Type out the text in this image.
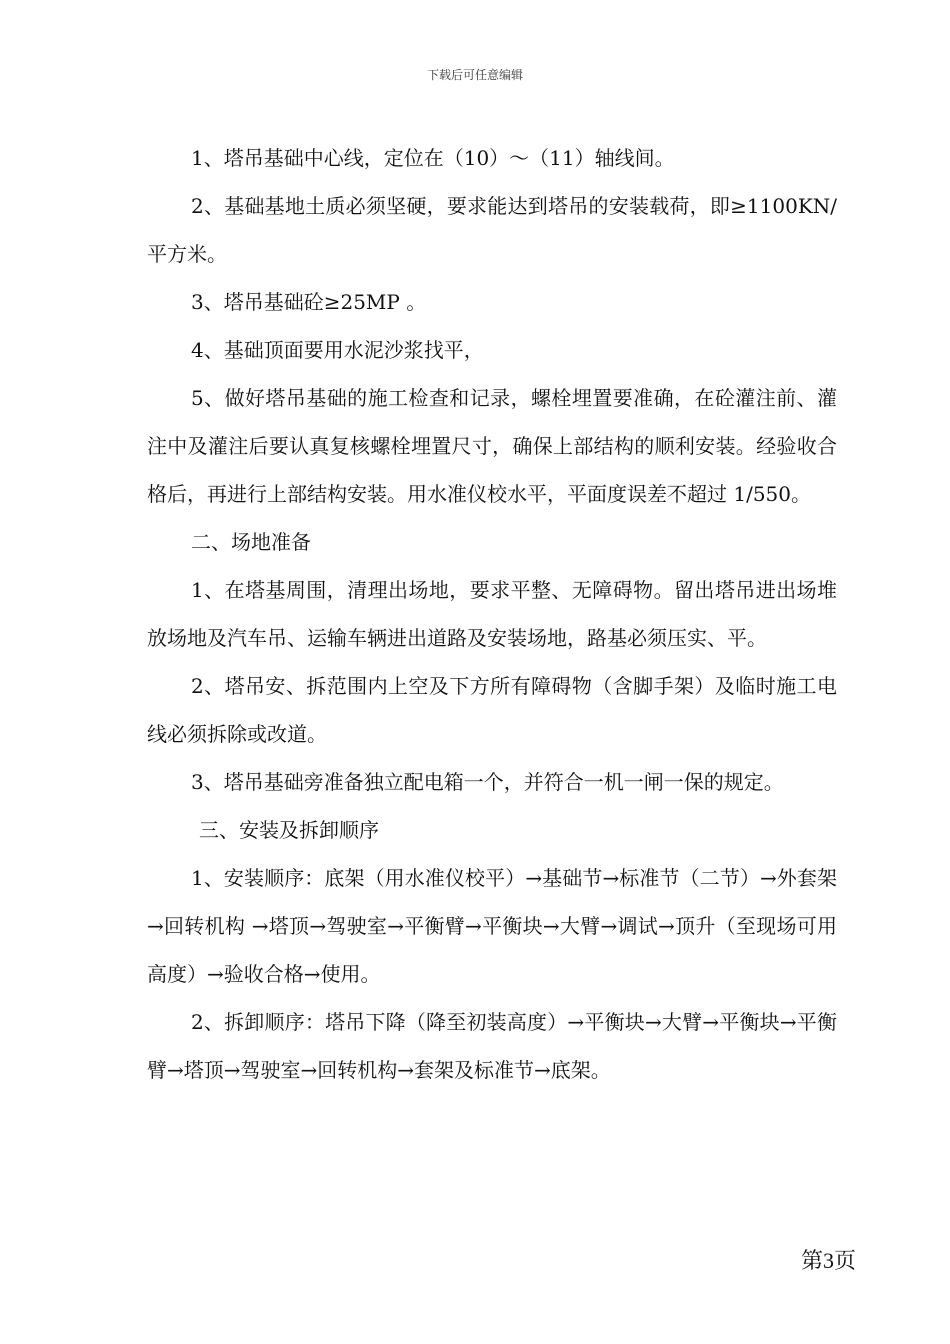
下载后可任意编辑

1、塔吊基础中心线，定位在（10）～（11）轴线间。

2、基础基地土质必须坚硬，要求能达到塔吊的安装载荷，即≥1100KN/平方米。

3、塔吊基础砼≥25MP 。

4、基础顶面要用水泥沙浆找平，

5、做好塔吊基础的施工检查和记录，螺栓埋置要准确，在砼灌注前、灌注中及灌注后要认真复核螺栓埋置尺寸，确保上部结构的顺利安装。经验收合格后，再进行上部结构安装。用水准仪校水平，平面度误差不超过 1/550。

二、场地准备

1、在塔基周围，清理出场地，要求平整、无障碍物。留出塔吊进出场堆放场地及汽车吊、运输车辆进出道路及安装场地，路基必须压实、平。

2、塔吊安、拆范围内上空及下方所有障碍物（含脚手架）及临时施工电线必须拆除或改道。

3、塔吊基础旁准备独立配电箱一个，并符合一机一闸一保的规定。

三、安装及拆卸顺序

1、安装顺序：底架（用水准仪校平）→基础节→标准节（二节）→外套架→回转机构 →塔顶→驾驶室→平衡臂→平衡块→大臂→调试→顶升（至现场可用高度）→验收合格→使用。

2、拆卸顺序：塔吊下降（降至初装高度）→平衡块→大臂→平衡块→平衡臂→塔顶→驾驶室→回转机构→套架及标准节→底架。

第3页
